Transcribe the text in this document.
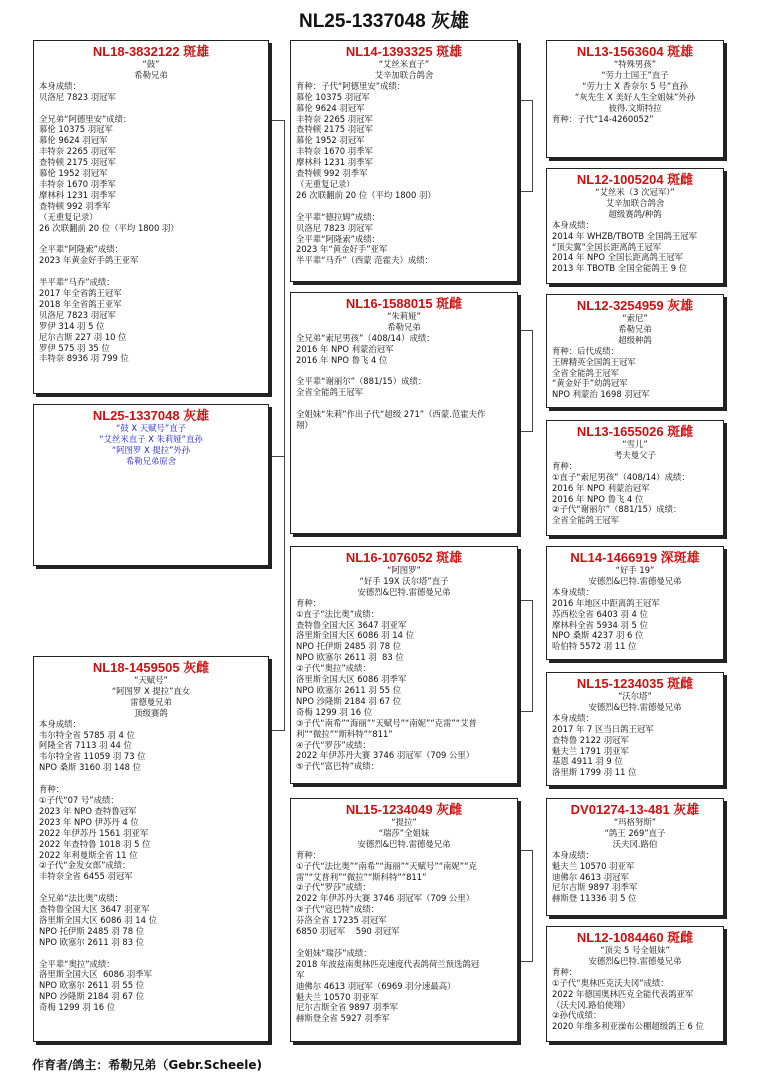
NL25-1337048 灰雄
NL18-3832122 斑雄
“鼓”
希勒兄弟
本身成绩：
贝洛尼 7823 羽冠军

全兄弟“阿德里安”成绩：
慕伦 10375 羽冠军
慕伦 9624 羽冠军
丰特奈 2265 羽冠军
查特顿 2175 羽冠军
慕伦 1952 羽冠军
丰特奈 1670 羽季军
摩林科 1231 羽季军
查特顿 992 羽季军
（无重复记录）
26 次联翻前 20 位（平均 1800 羽）

全平辈“阿隆索”成绩：
2023 年黄金好手鸽王亚军

半平辈“马乔”成绩：
2017 年全省鸽王冠军
2018 年全省鸽王亚军
贝洛尼 7823 羽冠军
罗伊 314 羽 5 位
尼尔吉斯 227 羽 10 位
罗伊 575 羽 35 位
丰特奈 8936 羽 799 位
NL25-1337048 灰雄
“鼓 X 天赋号”直子
“艾丝米直子 X 朱莉娅”直孙
“阿图罗 X 提拉”外孙
希勒兄弟原舍
NL18-1459505 灰雌
“天赋号”
“阿图罗 X 提拉”直女
雷德曼兄弟
顶级赛鸽
本身成绩：
韦尔特全省 5785 羽 4 位
阿隆全省 7113 羽 44 位
韦尔特全省 11059 羽 73 位
NPO 桑斯 3160 羽 148 位

育种：
①子代“07 号”成绩：
2023 年 NPO 查特鲁冠军
2023 年 NPO 伊苏丹 4 位
2022 年伊苏丹 1561 羽亚军
2022 年查特鲁 1018 羽 5 位
2022 年利曼斯全省 11 位
②子代“金发女郎”成绩：
丰特奈全省 6455 羽冠军

全兄弟“法比奥”成绩：
查特鲁全国大区 3647 羽亚军
洛里斯全国大区 6086 羽 14 位
NPO 托伊斯 2485 羽 78 位
NPO 欧塞尔 2611 羽 83 位

全平辈“奥拉”成绩：
洛里斯全国大区  6086 羽季军
NPO 欧塞尔 2611 羽 55 位
NPO 沙隆斯 2184 羽 67 位
奇梅 1299 羽 16 位
NL14-1393325 斑雄
“艾丝米直子”
艾辛加联合鸽舍
育种：子代“阿德里安”成绩：
慕伦 10375 羽冠军
慕伦 9624 羽冠军
丰特奈 2265 羽冠军
查特顿 2175 羽冠军
慕伦 1952 羽冠军
丰特奈 1670 羽季军
摩林科 1231 羽季军
查特顿 992 羽季军
（无重复记录）
26 次联翻前 20 位（平均 1800 羽）

全平辈“德拉姆”成绩：
贝洛尼 7823 羽冠军
全平辈“阿隆索”成绩：
2023 年“黄金好手”亚军
半平辈“马乔”（西蒙 范霍夫）成绩：
NL16-1588015 斑雌
“朱莉娅”
希勒兄弟
全兄弟“索尼男孩”（408/14）成绩：
2016 年 NPO 利蒙治冠军
2016 年 NPO 鲁飞 4 位

全平辈“谢丽尔”（881/15）成绩：
全省全能鸽王冠军

全姐妹“朱莉”作出子代“超级 271”（西蒙.范霍夫作
翔）
NL16-1076052 斑雄
“阿图罗”
“好手 19X 沃尔塔”直子
安德烈&巴特.雷德曼兄弟
育种：
①直子“法比奥”成绩：
查特鲁全国大区 3647 羽亚军
洛里斯全国大区 6086 羽 14 位
NPO 托伊斯 2485 羽 78 位
NPO 欧塞尔 2611 羽  83 位
②子代“奥拉”成绩：
洛里斯全国大区 6086 羽季军
NPO 欧塞尔 2611 羽 55 位
NPO 沙隆斯 2184 羽 67 位
奇梅 1299 羽 16 位
③子代“南希”“海丽”“天赋号”“南妮”“克雷”“艾普
利”“微拉”“斯科特”“811”
④子代“罗莎”成绩：
2022 年伊苏丹大赛 3746 羽冠军（709 公里）
⑤子代“富巴特”成绩：
NL15-1234049 灰雌
“提拉”
“瑞莎”全姐妹
安德烈&巴特.雷德曼兄弟
育种：
①子代“法比奥”“南希”“海丽”“天赋号”“南妮”“克
雷”“艾普利”“微拉”“斯科特”“811”
②子代“罗莎”成绩：
2022 年伊苏丹大赛 3746 羽冠军（709 公里）
③子代“寇巴特”成绩：
芬洛全省 17235 羽冠军
6850 羽冠军    590 羽冠军

全姐妹“瑞莎”成绩：
2018 年波兹南奥林匹克速度代表鸽荷兰预选鸽冠
军
迪佛尔 4613 羽冠军（6969 羽分速最高）
魁夫兰 10570 羽亚军
尼尔吉斯全省 9897 羽季军
赫斯登全省 5927 羽季军
NL13-1563604 斑雄
“特殊男孩”
“劳力士国王”直子
“劳力士 X 香奈尔 5 号”直孙
“灰先生 X 美好人生全姐妹”外孙
彼得.文斯特拉
育种：子代“14-4260052”
NL12-1005204 斑雌
“艾丝米（3 次冠军）”
艾辛加联合鸽舍
超级赛鸽/种鸽
本身成绩：
2014 年 WHZB/TBOTB 全国鸽王冠军
“顶尖翼”全国长距离鸽王冠军
2014 年 NPO 全国长距离鸽王冠军
2013 年 TBOTB 全国全能鸽王 9 位
NL12-3254959 灰雄
“索尼”
希勒兄弟
超级种鸽
育种：后代成绩：
王牌精英全国鸽王冠军
全省全能鸽王冠军
“黄金好手”幼鸽冠军
NPO 利蒙治 1698 羽冠军
NL13-1655026 斑雌
“雪儿”
考夫曼父子
育种：
①直子“索尼男孩”（408/14）成绩：
2016 年 NPO 利蒙治冠军
2016 年 NPO 鲁飞 4 位
②子代“谢丽尔”（881/15）成绩：
全省全能鸽王冠军
NL14-1466919 深斑雄
“好手 19”
安德烈&巴特.雷德曼兄弟
本身成绩：
2016 年地区中距离鸽王冠军
苏西松全省 6403 羽 4 位
摩林科全省 5934 羽 5 位
NPO 桑斯 4237 羽 6 位
哈伯特 5572 羽 11 位
NL15-1234035 斑雌
“沃尔塔”
安德烈&巴特.雷德曼兄弟
本身成绩：
2017 年 7 区当日鸽王冠军
查特鲁 2122 羽冠军
魁夫兰 1791 羽亚军
基恩 4911 羽 9 位
洛里斯 1799 羽 11 位
DV01274-13-481 灰雄
“玛格努斯”
“鸽王 269”直子
沃夫冈.路伯
本身成绩：
魁夫兰 10570 羽亚军
迪佛尔 4613 羽冠军
尼尔吉斯 9897 羽季军
赫斯登 11336 羽 5 位
NL12-1084460 斑雌
“顶尖 5 号全姐妹”
安德烈&巴特.雷德曼兄弟
育种：
①子代“奥林匹克沃夫冈”成绩：
2022 年德国奥林匹克全能代表鸽亚军
（沃夫冈.路伯使翔）
②孙代成绩：
2020 年维多利亚澡布公棚超级鸽王 6 位
作育者/鸽主：希勒兄弟（Gebr.Scheele)
